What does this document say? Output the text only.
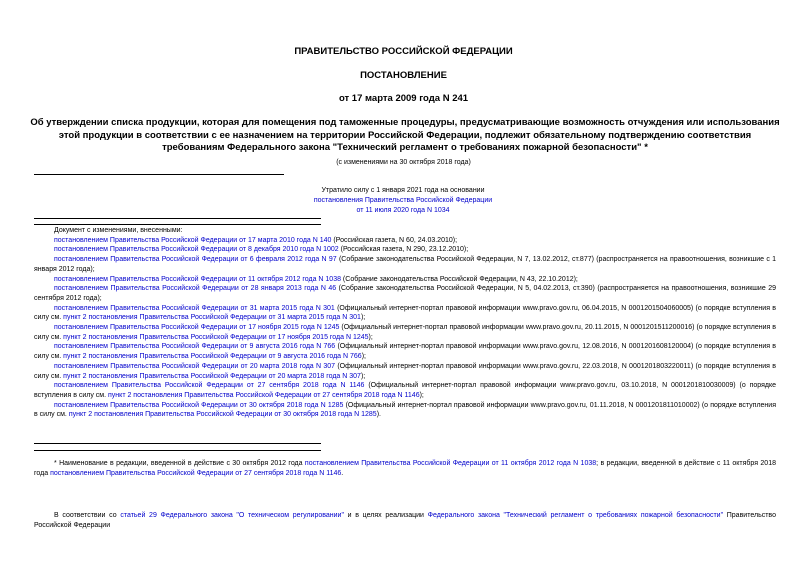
ПРАВИТЕЛЬСТВО РОССИЙСКОЙ ФЕДЕРАЦИИ
ПОСТАНОВЛЕНИЕ
от 17 марта 2009 года N 241
Об утверждении списка продукции, которая для помещения под таможенные процедуры, предусматривающие возможность отчуждения или использования этой продукции в соответствии с ее назначением на территории Российской Федерации, подлежит обязательному подтверждению соответствия требованиям Федерального закона "Технический регламент о требованиях пожарной безопасности" *
(с изменениями на 30 октября 2018 года)
Утратило силу с 1 января 2021 года на основании
постановления Правительства Российской Федерации
от 11 июля 2020 года N 1034
Документ с изменениями, внесенными:
постановлением Правительства Российской Федерации от 17 марта 2010 года N 140 (Российская газета, N 60, 24.03.2010);
постановлением Правительства Российской Федерации от 8 декабря 2010 года N 1002 (Российская газета, N 290, 23.12.2010);
постановлением Правительства Российской Федерации от 6 февраля 2012 года N 97 (Собрание законодательства Российской Федерации, N 7, 13.02.2012, ст.877) (распространяется на правоотношения, возникшие с 1 января 2012 года);
постановлением Правительства Российской Федерации от 11 октября 2012 года N 1038 (Собрание законодательства Российской Федерации, N 43, 22.10.2012);
постановлением Правительства Российской Федерации от 28 января 2013 года N 46 (Собрание законодательства Российской Федерации, N 5, 04.02.2013, ст.390) (распространяется на правоотношения, возникшие 29 сентября 2012 года);
постановлением Правительства Российской Федерации от 31 марта 2015 года N 301 (Официальный интернет-портал правовой информации www.pravo.gov.ru, 06.04.2015, N 0001201504060005) (о порядке вступления в силу см. пункт 2 постановления Правительства Российской Федерации от 31 марта 2015 года N 301);
постановлением Правительства Российской Федерации от 17 ноября 2015 года N 1245 (Официальный интернет-портал правовой информации www.pravo.gov.ru, 20.11.2015, N 0001201511200016) (о порядке вступления в силу см. пункт 2 постановления Правительства Российской Федерации от 17 ноября 2015 года N 1245);
постановлением Правительства Российской Федерации от 9 августа 2016 года N 766 (Официальный интернет-портал правовой информации www.pravo.gov.ru, 12.08.2016, N 0001201608120004) (о порядке вступления в силу см. пункт 2 постановления Правительства Российской Федерации от 9 августа 2016 года N 766);
постановлением Правительства Российской Федерации от 20 марта 2018 года N 307 (Официальный интернет-портал правовой информации www.pravo.gov.ru, 22.03.2018, N 0001201803220011) (о порядке вступления в силу см. пункт 2 постановления Правительства Российской Федерации от 20 марта 2018 года N 307);
постановлением Правительства Российской Федерации от 27 сентября 2018 года N 1146 (Официальный интернет-портал правовой информации www.pravo.gov.ru, 03.10.2018, N 0001201810030009) (о порядке вступления в силу см. пункт 2 постановления Правительства Российской Федерации от 27 сентября 2018 года N 1146);
постановлением Правительства Российской Федерации от 30 октября 2018 года N 1285 (Официальный интернет-портал правовой информации www.pravo.gov.ru, 01.11.2018, N 0001201811010002) (о порядке вступления в силу см. пункт 2 постановления Правительства Российской Федерации от 30 октября 2018 года N 1285).
* Наименование в редакции, введенной в действие с 30 октября 2012 года постановлением Правительства Российской Федерации от 11 октября 2012 года N 1038; в редакции, введенной в действие с 11 октября 2018 года постановлением Правительства Российской Федерации от 27 сентября 2018 года N 1146.
В соответствии со статьей 29 Федерального закона "О техническом регулировании" и в целях реализации Федерального закона "Технический регламент о требованиях пожарной безопасности" Правительство Российской Федерации
